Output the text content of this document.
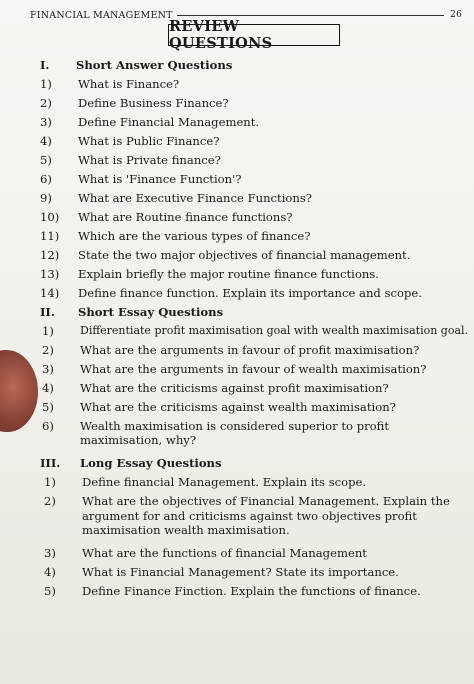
FINANCIAL MANAGEMENT	26
REVIEW QUESTIONS
I.	Short Answer Questions
1)	What is Finance?
2)	Define Business Finance?
3)	Define Financial Management.
4)	What is Public Finance?
5)	What is Private finance?
6)	What is 'Finance Function'?
9)	What are Executive Finance Functions?
10)	What are Routine finance functions?
11)	Which are the various types of finance?
12)	State the two major objectives of financial management.
13)	Explain briefly the major routine finance functions.
14)	Define finance function. Explain its importance and scope.
II.	Short Essay Questions
1)	Differentiate profit maximisation goal with wealth maximisation goal.
2)	What are the arguments in favour of profit maximisation?
3)	What are the arguments in favour of wealth maximisation?
4)	What are the criticisms against profit maximisation?
5)	What are the criticisms against wealth maximisation?
6)	Wealth maximisation is considered superior to profit maximisation, why?
III.	Long Essay Questions
1)	Define financial Management. Explain its scope.
2)	What are the objectives of Financial Management. Explain the argument for and criticisms against two objectives profit maximisation wealth maximisation.
3)	What are the functions of financial Management
4)	What is Financial Management? State its importance.
5)	Define Finance Finction. Explain the functions of finance.
